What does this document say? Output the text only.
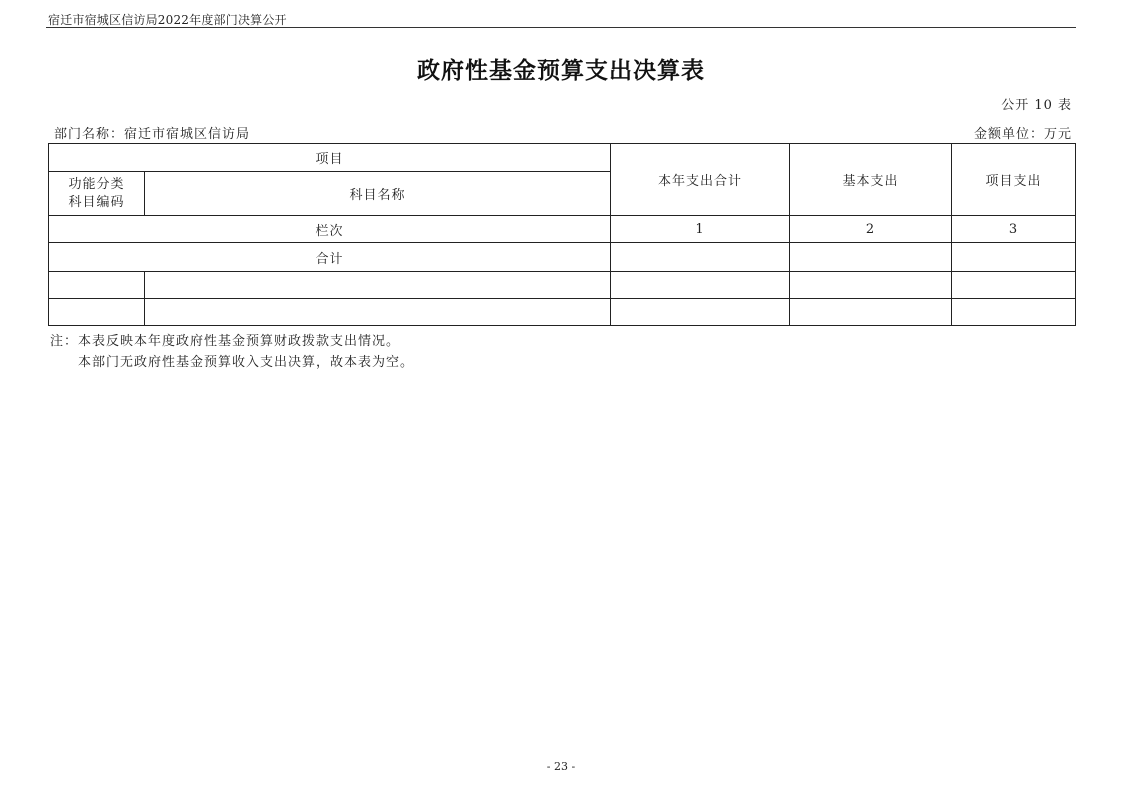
宿迁市宿城区信访局2022年度部门决算公开
政府性基金预算支出决算表
公开 10 表
部门名称：宿迁市宿城区信访局	金额单位：万元
项目		本年支出合计	基本支出	项目支出

功能分类科目编码	科目名称			
栏次		1	2	3
合计				

注：本表反映本年度政府性基金预算财政拨款支出情况。
本部门无政府性基金预算收入支出决算，故本表为空。
- 23 -
